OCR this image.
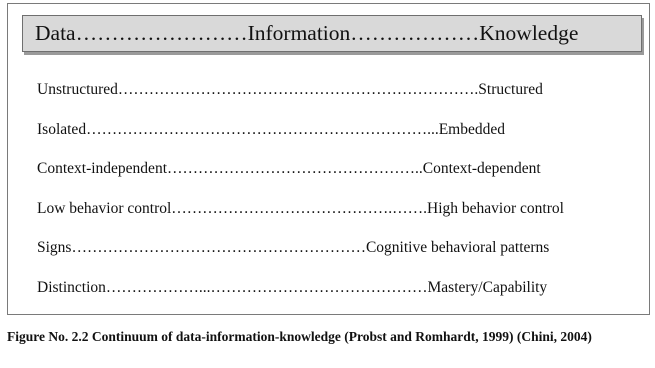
Data……………………Information………………Knowledge
Unstructured…………………………………………………………….Structured
Isolated…………………………………………………………...Embedded
Context-independent…………………………………………..Context-dependent
Low behavior control…………………………………….…….High behavior control
Signs…………………………………………………Cognitive behavioral patterns
Distinction………………...……………………………………Mastery/Capability
Figure No. 2.2 Continuum of data-information-knowledge (Probst and Romhardt, 1999) (Chini, 2004)
